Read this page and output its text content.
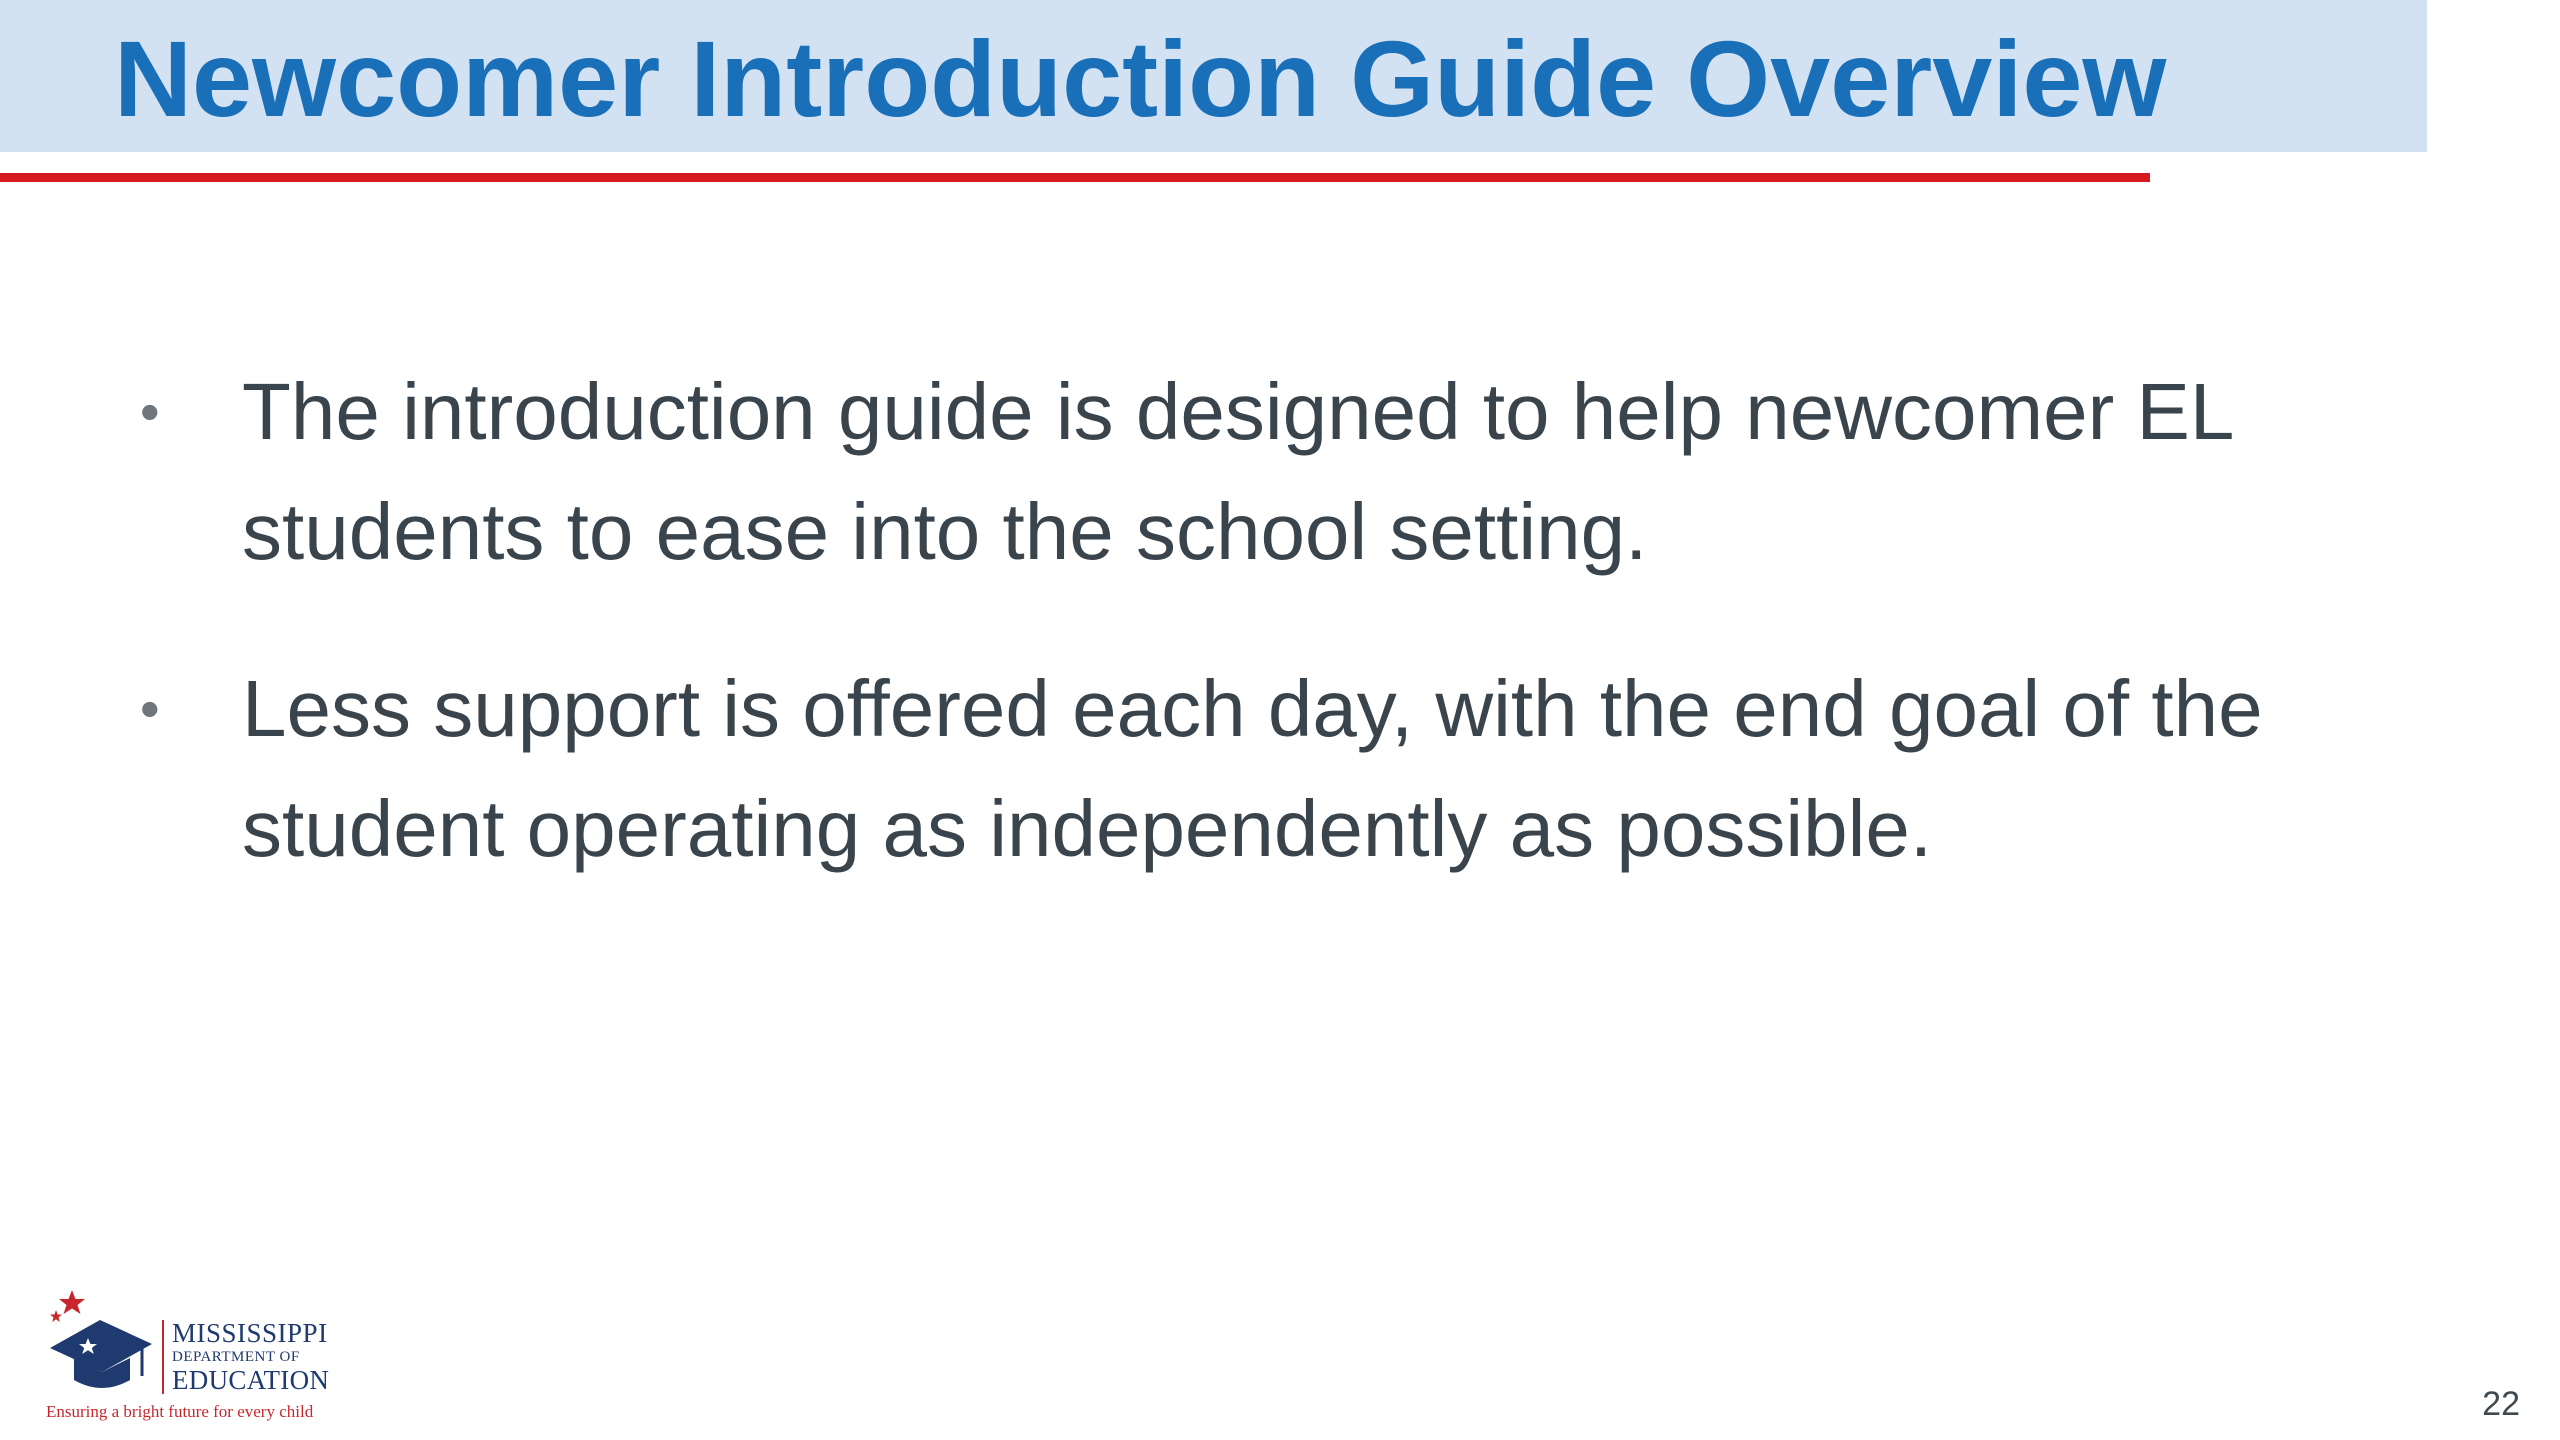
Newcomer Introduction Guide Overview
• The introduction guide is designed to help newcomer EL students to ease into the school setting.
• Less support is offered each day, with the end goal of the student operating as independently as possible.
MISSISSIPPI
DEPARTMENT OF
EDUCATION
Ensuring a bright future for every child	22
